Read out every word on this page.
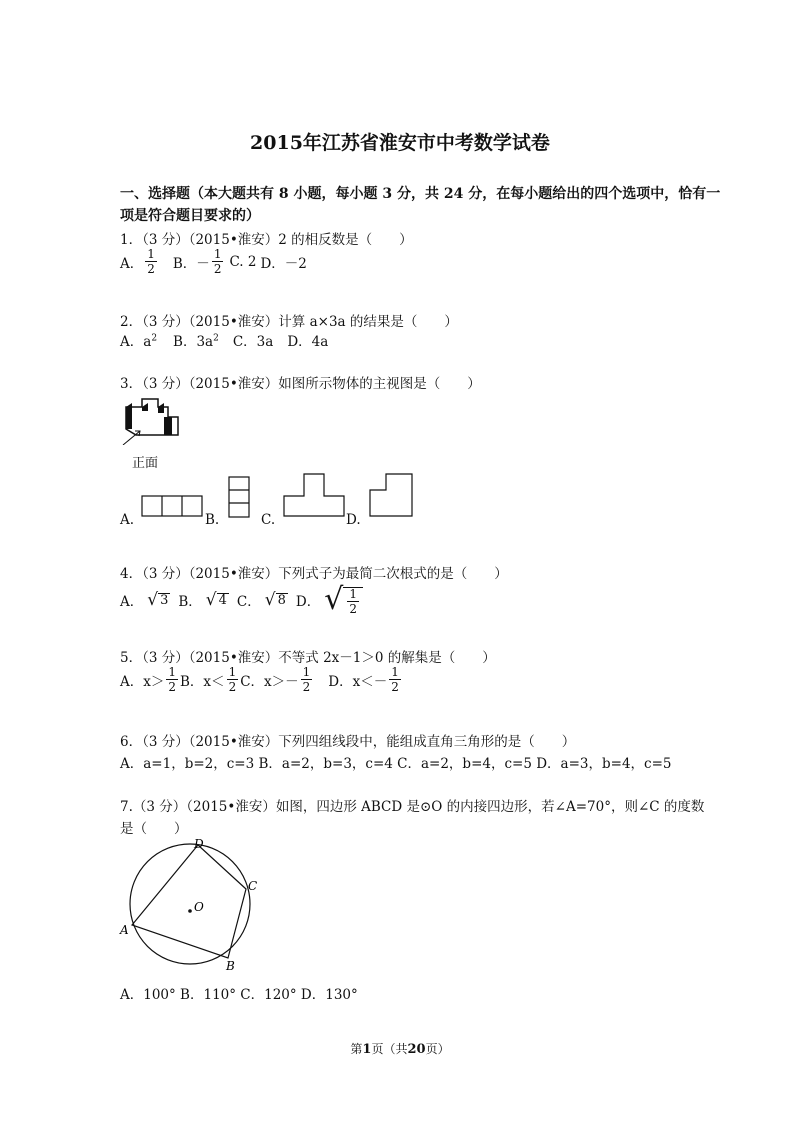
2015年江苏省淮安市中考数学试卷
一、选择题（本大题共有 8 小题，每小题 3 分，共 24 分，在每小题给出的四个选项中，恰有一
项是符合题目要求的）
1．（3 分）（2015•淮安）2 的相反数是（　　）
A． $\frac{1}{2}$ B．－ $\frac{1}{2} C$. 2 D．－2
2．（3 分）（2015•淮安）计算 a×3a 的结果是（　　）
A．$a^2$ B．$3a^2$ C．3a D．4a
3．（3 分）（2015•淮安）如图所示物体的主视图是（　　）
正面
A.	B.	C.	D.
4．（3 分）（2015•淮安）下列式子为最简二次根式的是（　　）
A． √ 3 B． √ 4 C． √ 8 D． √ $\frac{1}{2}$
5．（3 分）（2015•淮安）不等式 2x－1＞0 的解集是（　　）
A．$x> \frac{1}{2}$ B．$x< \frac{1}{2}$ C．$x>- \frac{1}{2}$ D．$x<- \frac{1}{2}$
6．（3 分）（2015•淮安）下列四组线段中，能组成直角三角形的是（　　）
A．a=1，b=2，c=3 B．a=2，b=3，c=4 C．a=2，b=4，c=5 D．a=3，b=4，c=5
7.（3 分）（2015•淮安）如图，四边形 ABCD 是⊙O 的内接四边形，若∠A=70°，则∠C 的度数
是（　　）
A
B
C
D
O
A．100° B．110° C．120° D．130°
第1页（共20页）
